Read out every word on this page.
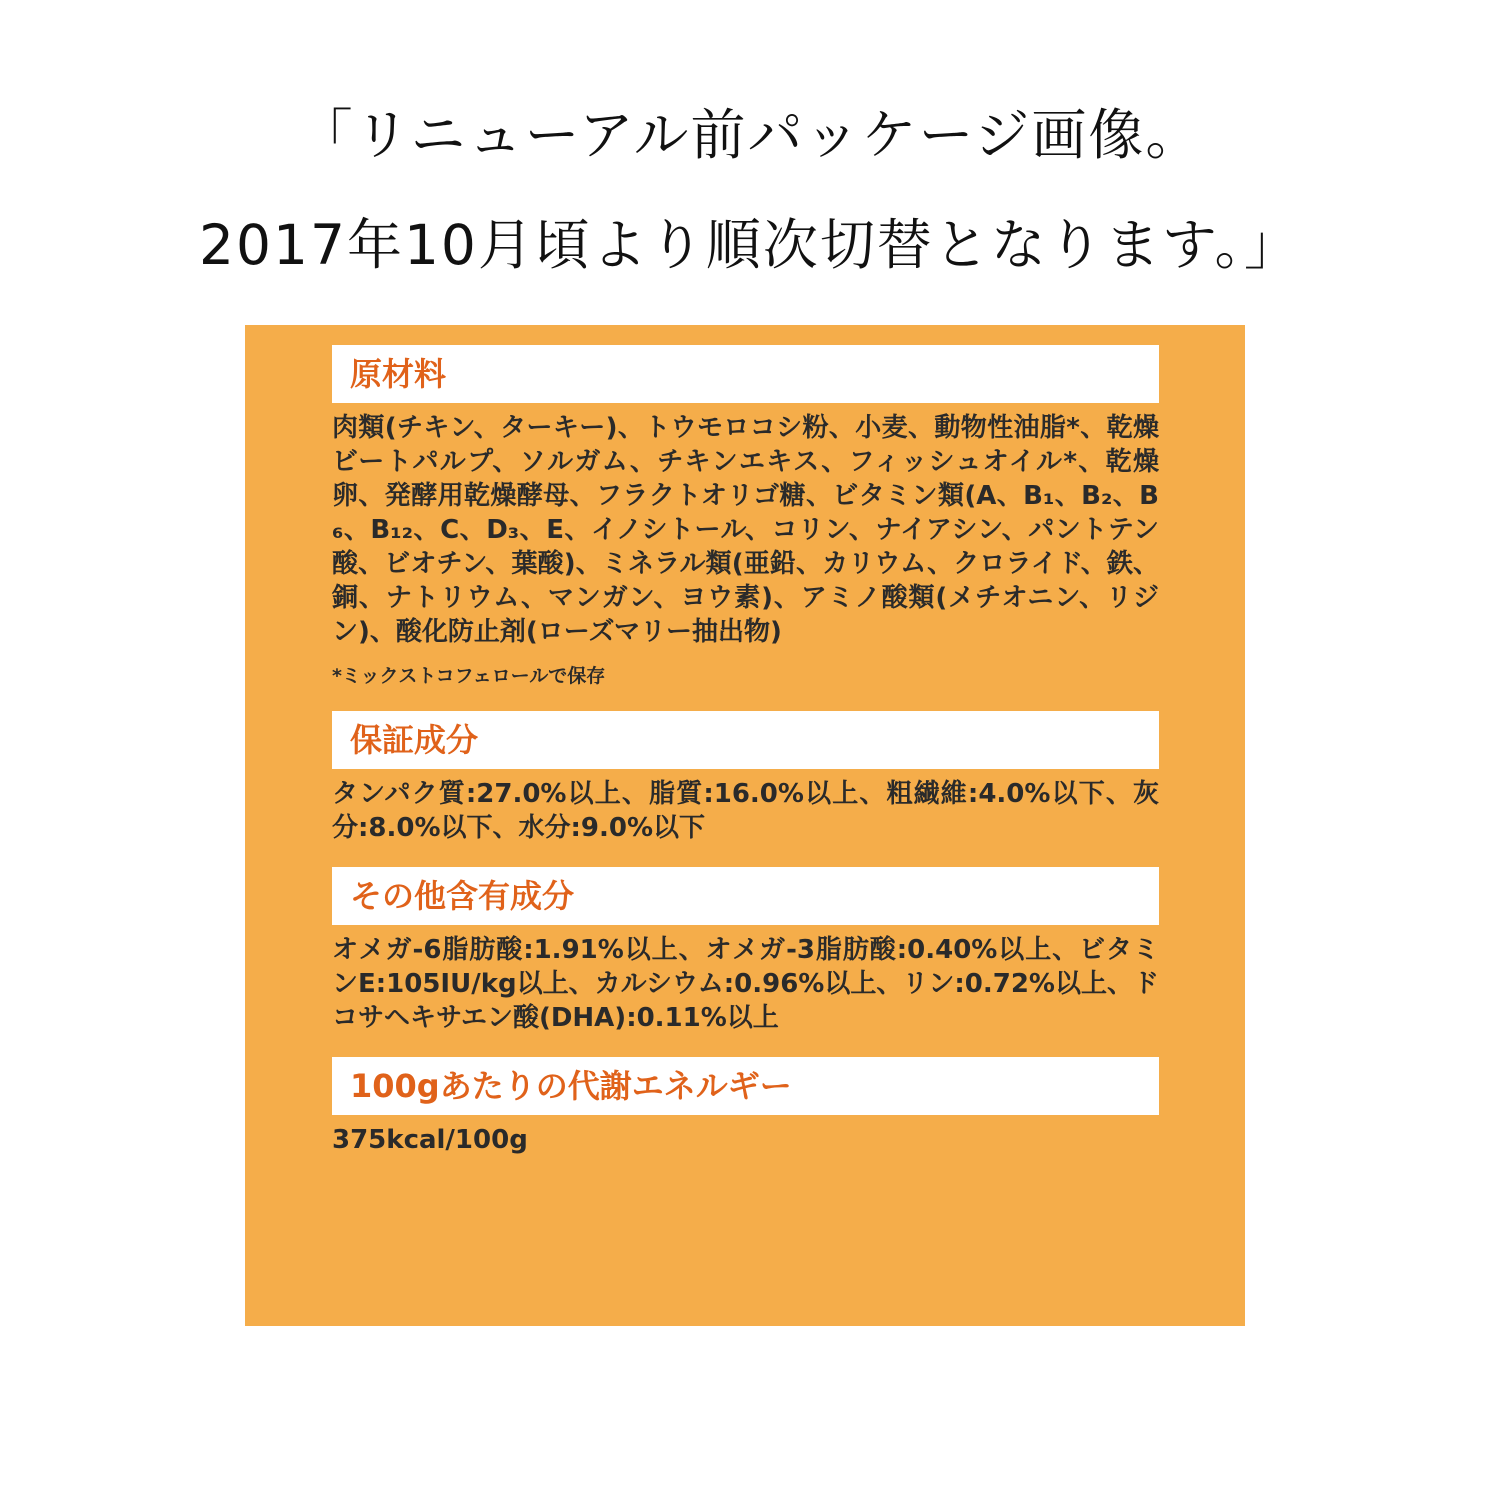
「リニューアル前パッケージ画像。
2017年10月頃より順次切替となります。」
原材料
肉類(チキン、ターキー)、トウモロコシ粉、小麦、動物性油脂*、乾燥ビートパルプ、ソルガム、チキンエキス、フィッシュオイル*、乾燥卵、発酵用乾燥酵母、フラクトオリゴ糖、ビタミン類(A、B₁、B₂、B₆、B₁₂、C、D₃、E、イノシトール、コリン、ナイアシン、パントテン酸、ビオチン、葉酸)、ミネラル類(亜鉛、カリウム、クロライド、鉄、銅、ナトリウム、マンガン、ヨウ素)、アミノ酸類(メチオニン、リジン)、酸化防止剤(ローズマリー抽出物)
*ミックストコフェロールで保存
保証成分
タンパク質:27.0%以上、脂質:16.0%以上、粗繊維:4.0%以下、灰分:8.0%以下、水分:9.0%以下
その他含有成分
オメガ-6脂肪酸:1.91%以上、オメガ-3脂肪酸:0.40%以上、ビタミンE:105IU/kg以上、カルシウム:0.96%以上、リン:0.72%以上、ドコサヘキサエン酸(DHA):0.11%以上
100gあたりの代謝エネルギー
375kcal/100g
